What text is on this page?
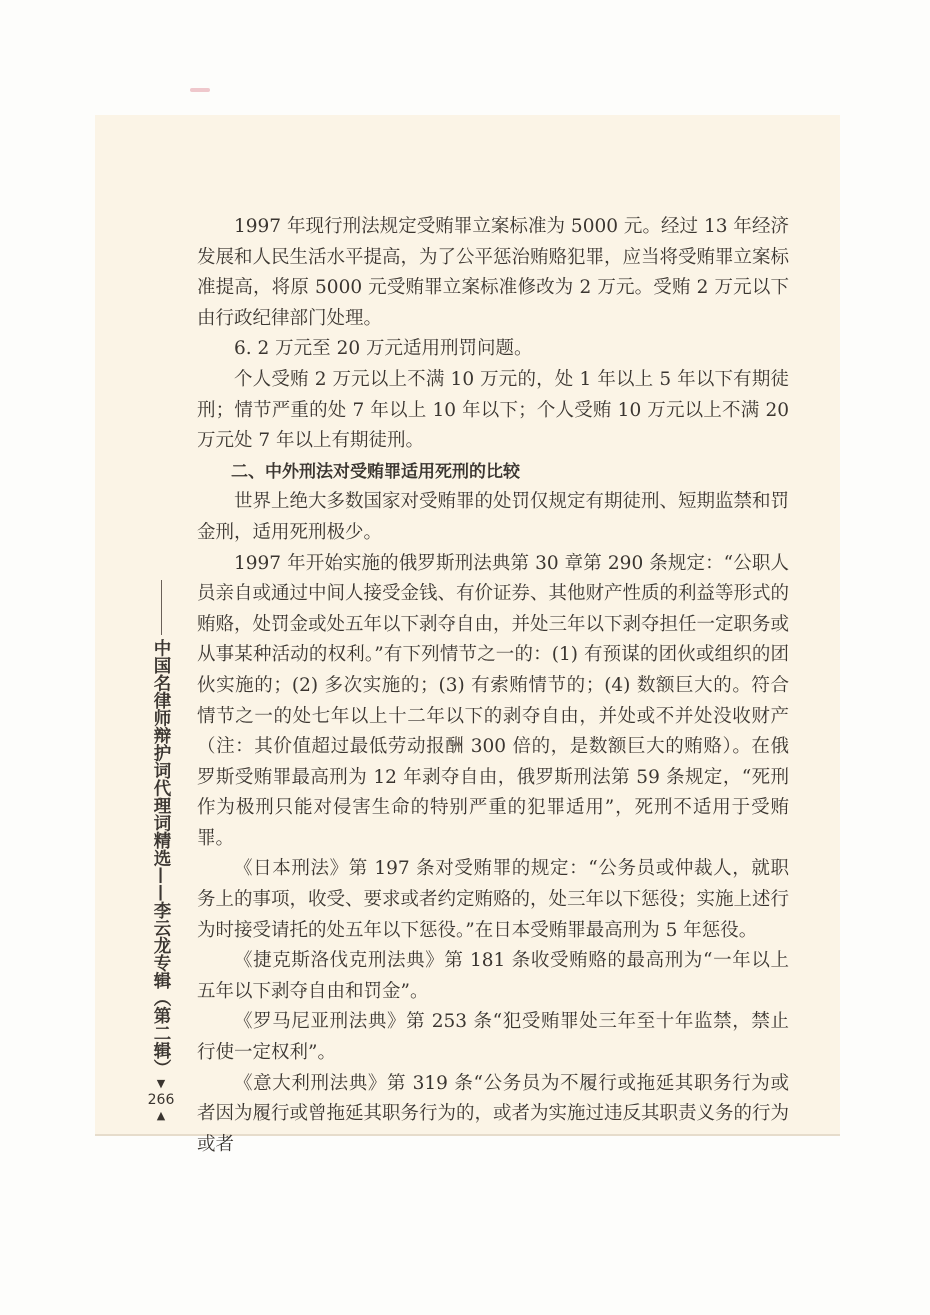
1997 年现行刑法规定受贿罪立案标准为 5000 元。经过 13 年经济发展和人民生活水平提高，为了公平惩治贿赂犯罪，应当将受贿罪立案标准提高，将原 5000 元受贿罪立案标准修改为 2 万元。受贿 2 万元以下由行政纪律部门处理。

6. 2 万元至 20 万元适用刑罚问题。

个人受贿 2 万元以上不满 10 万元的，处 1 年以上 5 年以下有期徒刑；情节严重的处 7 年以上 10 年以下；个人受贿 10 万元以上不满 20 万元处 7 年以上有期徒刑。

二、中外刑法对受贿罪适用死刑的比较

世界上绝大多数国家对受贿罪的处罚仅规定有期徒刑、短期监禁和罚金刑，适用死刑极少。

1997 年开始实施的俄罗斯刑法典第 30 章第 290 条规定：“公职人员亲自或通过中间人接受金钱、有价证券、其他财产性质的利益等形式的贿赂，处罚金或处五年以下剥夺自由，并处三年以下剥夺担任一定职务或从事某种活动的权利。”有下列情节之一的：(1) 有预谋的团伙或组织的团伙实施的；(2) 多次实施的；(3) 有索贿情节的；(4) 数额巨大的。符合情节之一的处七年以上十二年以下的剥夺自由，并处或不并处没收财产（注：其价值超过最低劳动报酬 300 倍的，是数额巨大的贿赂）。在俄罗斯受贿罪最高刑为 12 年剥夺自由，俄罗斯刑法第 59 条规定，“死刑作为极刑只能对侵害生命的特别严重的犯罪适用”，死刑不适用于受贿罪。

《日本刑法》第 197 条对受贿罪的规定：“公务员或仲裁人，就职务上的事项，收受、要求或者约定贿赂的，处三年以下惩役；实施上述行为时接受请托的处五年以下惩役。”在日本受贿罪最高刑为 5 年惩役。

《捷克斯洛伐克刑法典》第 181 条收受贿赂的最高刑为“一年以上五年以下剥夺自由和罚金”。

《罗马尼亚刑法典》第 253 条“犯受贿罪处三年至十年监禁，禁止行使一定权利”。

《意大利刑法典》第 319 条“公务员为不履行或拖延其职务行为或者因为履行或曾拖延其职务行为的，或者为实施过违反其职责义务的行为或者

中国名律师辩护词代理词精选——李云龙专辑（第二辑）
▼
266
▲
